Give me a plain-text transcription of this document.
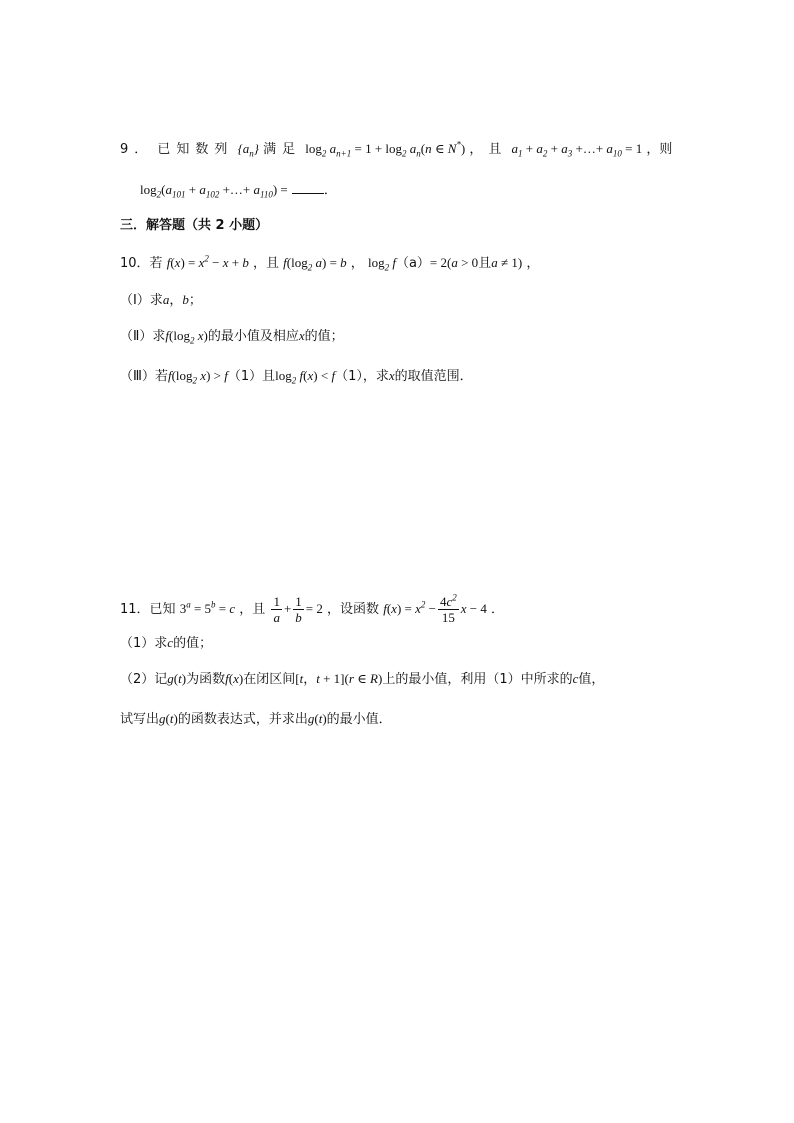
9． 已知数列 $\{a_n\}$ 满足 $\log_2 a_{n+1} = 1 + \log_2 a_n(n$ ∈ N*) ，且 $a_1 + a_2 + a_3$ +…+ $a_{10} = 1$ ，则
$\log_2(a_{101} + a_{102}$ +…+ $a_{110}$) =	．
三．解答题（共 2 小题）
10．若 $f(x) = x^2 - x + b$ ，且 $f(\log_2$ a) = b ， $\log_2 f(a)= 2(a > 0$且a ≠ 1) ，
（Ⅰ）求a，b；
（Ⅱ）求$f(\log_2$ x)的最小值及相应x的值；
（Ⅲ）若$f(\log_2$ x) > f（1）且$\log_2 f(x) < f(1)$，求x的取值范围．
11．已知 $3^a = 5^b = c$ ，且 $\frac{1}{a} + \frac{1}{b} = 2$ ，设函数 $f(x) = x^2 - \frac{4c^2}{15}$ x − 4 ．
（1）求c的值；
（2）记g(t)为函数f(x)在闭区间[t，t + 1](r ∈ R)上的最小值，利用（1）中所求的c值，
试写出g(t)的函数表达式，并求出g(t)的最小值．
